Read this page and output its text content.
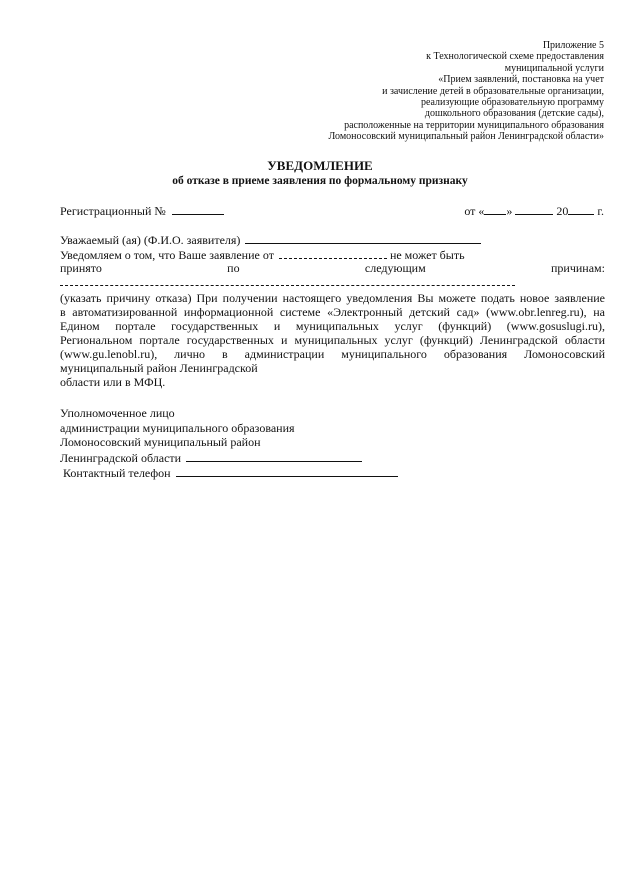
Приложение 5
к Технологической схеме предоставления
муниципальной услуги
«Прием заявлений, постановка на учет
и зачисление детей в образовательные организации,
реализующие образовательную программу
дошкольного образования (детские сады),
расположенные на территории муниципального образования
Ломоносовский муниципальный район Ленинградской области»
УВЕДОМЛЕНИЕ
об отказе в приеме заявления по формальному признаку
Регистрационный №	от « »	20 г.
Уважаемый (ая) (Ф.И.О. заявителя)
Уведомляем о том, что Ваше заявление от	не может быть
принято	по	следующим	причинам:
(указать причину отказа) При получении настоящего уведомления Вы можете подать новое заявление
в автоматизированной информационной системе «Электронный детский сад» (www.obr.lenreg.ru), на
Едином портале государственных и муниципальных услуг (функций) (www.gosuslugi.ru),
Региональном портале государственных и муниципальных услуг (функций) Ленинградской области
(www.gu.lenobl.ru), лично в администрации муниципального образования Ломоносовский
муниципальный район Ленинградской
области или в МФЦ.
Уполномоченное лицо
администрации муниципального образования
Ломоносовский муниципальный район
Ленинградской области
Контактный телефон
